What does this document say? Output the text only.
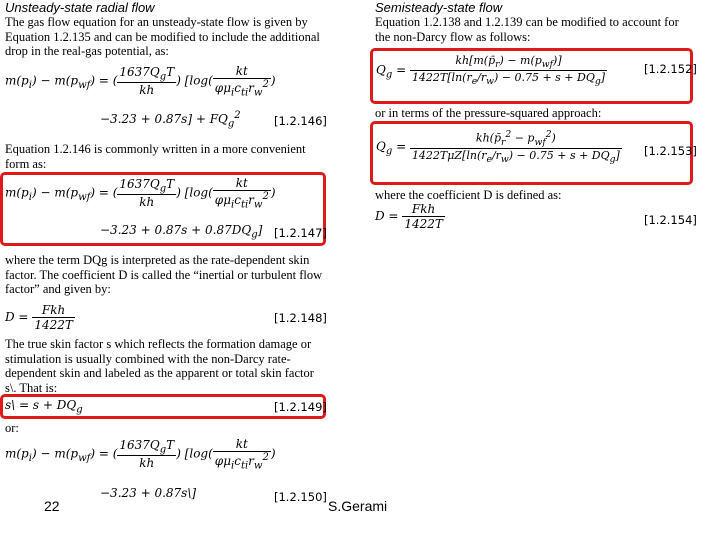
Unsteady-state radial flow
The gas flow equation for an unsteady-state flow is given by Equation 1.2.135 and can be modified to include the additional drop in the real-gas potential, as:
$m(p_i) - m(p_{wf})$ = ( $\frac{1637Q_gT}{kh}$ ) [$\log( \frac{kt}{\varphi\mu_ic_{ti}r_w^2}$ )
$-3.23 + 0.87s] + FQ_g^2$	[1.2.146]
Equation 1.2.146 is commonly written in a more convenient form as:
$m(p_i) - m(p_{wf})$ = ( $\frac{1637Q_gT}{kh}$ ) [$\log( \frac{kt}{\varphi\mu_ic_{ti}r_w^2}$ )
$-3.23 + 0.87s + 0.87DQ_g$] [1.2.147]
where the term DQg is interpreted as the rate-dependent skin factor. The coefficient D is called the “inertial or turbulent flow factor” and given by:
$D = \frac{\text{Fkh}}{1422T}$	[1.2.148]
The true skin factor s which reflects the formation damage or stimulation is usually combined with the non-Darcy rate-dependent skin and labeled as the apparent or total skin factor s\. That is:
s\ = $s + DQ_g$	[1.2.149]
or:
$m(p_i) - m(p_{wf})$ = ( $\frac{1637Q_gT}{kh}$ ) [$\log( \frac{kt}{\varphi\mu_ic_{ti}r_w^2}$ )
−3.23 + 0.87s\]	[1.2.150]
Semisteady-state flow
Equation 1.2.138 and 1.2.139 can be modified to account for the non-Darcy flow as follows:
$Q_g = \frac{kh[m(p̄_r) - m(p_{wf})]}{1422T[\ln(r_e/r_w) - 0.75 + s + DQ_g]}$	[1.2.152]
or in terms of the pressure-squared approach:
$Q_g = \frac{kh(p̄_r^2 - p_{wf}^2)}{1422T\mu Z[\ln(r_e/r_w) - 0.75 + s + DQ_g]} [1.2.153]$
where the coefficient D is defined as:
$D = \frac{\text{Fkh}}{1422T}$	[1.2.154]
22	S.Gerami
